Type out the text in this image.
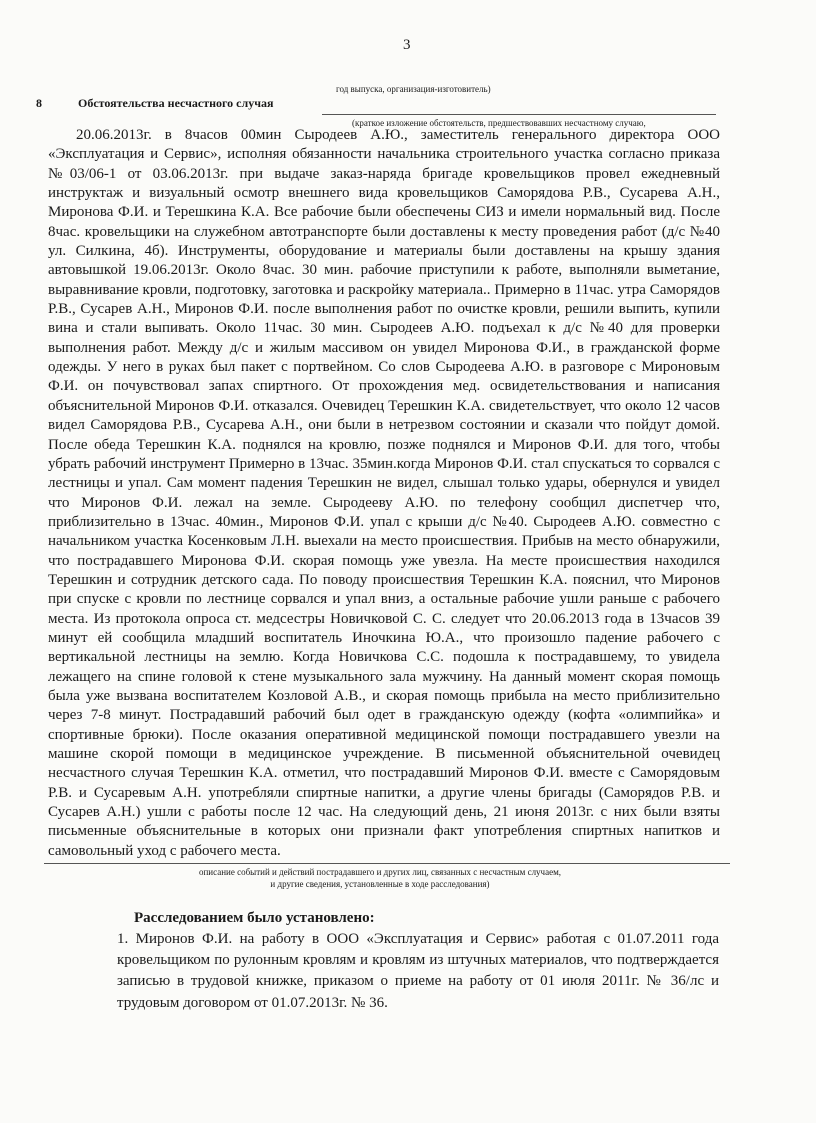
3
год выпуска, организация-изготовитель)
8	Обстоятельства несчастного случая
(краткое изложение обстоятельств, предшествовавших несчастному случаю,

20.06.2013г. в 8часов 00мин Сыродеев А.Ю., заместитель генерального директора ООО «Эксплуатация и Сервис», исполняя обязанности начальника строительного участка согласно приказа №03/06-1 от 03.06.2013г. при выдаче заказ-наряда бригаде кровельщиков провел ежедневный инструктаж и визуальный осмотр внешнего вида кровельщиков Саморядова Р.В., Сусарева А.Н., Миронова Ф.И. и Терешкина К.А. Все рабочие были обеспечены СИЗ и имели нормальный вид. После 8час. кровельщики на служебном автотранспорте были доставлены к месту проведения работ (д/с №40 ул. Силкина, 4б). Инструменты, оборудование и материалы были доставлены на крышу здания автовышкой 19.06.2013г. Около 8час. 30 мин. рабочие приступили к работе, выполняли выметание, выравнивание кровли, подготовку, заготовка и раскройку материала.. Примерно в 11час. утра Саморядов Р.В., Сусарев А.Н., Миронов Ф.И. после выполнения работ по очистке кровли, решили выпить, купили вина и стали выпивать. Около 11час. 30 мин. Сыродеев А.Ю. подъехал к д/с №40 для проверки выполнения работ. Между д/с и жилым массивом он увидел Миронова Ф.И., в гражданской форме одежды. У него в руках был пакет с портвейном. Со слов Сыродеева А.Ю. в разговоре с Мироновым Ф.И. он почувствовал запах спиртного. От прохождения мед. освидетельствования и написания объяснительной Миронов Ф.И. отказался. Очевидец Терешкин К.А. свидетельствует, что около 12 часов видел Саморядова Р.В., Сусарева А.Н., они были в нетрезвом состоянии и сказали что пойдут домой. После обеда Терешкин К.А. поднялся на кровлю, позже поднялся и Миронов Ф.И. для того, чтобы убрать рабочий инструмент Примерно в 13час. 35мин.когда Миронов Ф.И. стал спускаться то сорвался с лестницы и упал. Сам момент падения Терешкин не видел, слышал только удары, обернулся и увидел что Миронов Ф.И. лежал на земле. Сыродееву А.Ю. по телефону сообщил диспетчер что, приблизительно в 13час. 40мин., Миронов Ф.И. упал с крыши д/с №40. Сыродеев А.Ю. совместно с начальником участка Косенковым Л.Н. выехали на место происшествия. Прибыв на место обнаружили, что пострадавшего Миронова Ф.И. скорая помощь уже увезла. На месте происшествия находился Терешкин и сотрудник детского сада. По поводу происшествия Терешкин К.А. пояснил, что Миронов при спуске с кровли по лестнице сорвался и упал вниз, а остальные рабочие ушли раньше с рабочего места. Из протокола опроса ст. медсестры Новичковой С. С. следует что 20.06.2013 года в 13часов 39 минут ей сообщила младший воспитатель Иночкина Ю.А., что произошло падение рабочего с вертикальной лестницы на землю. Когда Новичкова С.С. подошла к пострадавшему, то увидела лежащего на спине головой к стене музыкального зала мужчину. На данный момент скорая помощь была уже вызвана воспитателем Козловой А.В., и скорая помощь прибыла на место приблизительно через 7-8 минут. Пострадавший рабочий был одет в гражданскую одежду (кофта «олимпийка» и спортивные брюки). После оказания оперативной медицинской помощи пострадавшего увезли на машине скорой помощи в медицинское учреждение. В письменной объяснительной очевидец несчастного случая Терешкин К.А. отметил, что пострадавший Миронов Ф.И. вместе с Саморядовым Р.В. и Сусаревым А.Н. употребляли спиртные напитки, а другие члены бригады (Саморядов Р.В. и Сусарев А.Н.) ушли с работы после 12 час. На следующий день, 21 июня 2013г. с них были взяты письменные объяснительные в которых они признали факт употребления спиртных напитков и самовольный уход с рабочего места.

описание событий и действий пострадавшего и других лиц, связанных с несчастным случаем,
и другие сведения, установленные в ходе расследования)
Расследованием было установлено:

1. Миронов Ф.И. на работу в ООО «Эксплуатация и Сервис» работая с 01.07.2011 года кровельщиком по рулонным кровлям и кровлям из штучных материалов, что подтверждается записью в трудовой книжке, приказом о приеме на работу от 01 июля 2011г. № 36/лс и трудовым договором от 01.07.2013г. № 36.
